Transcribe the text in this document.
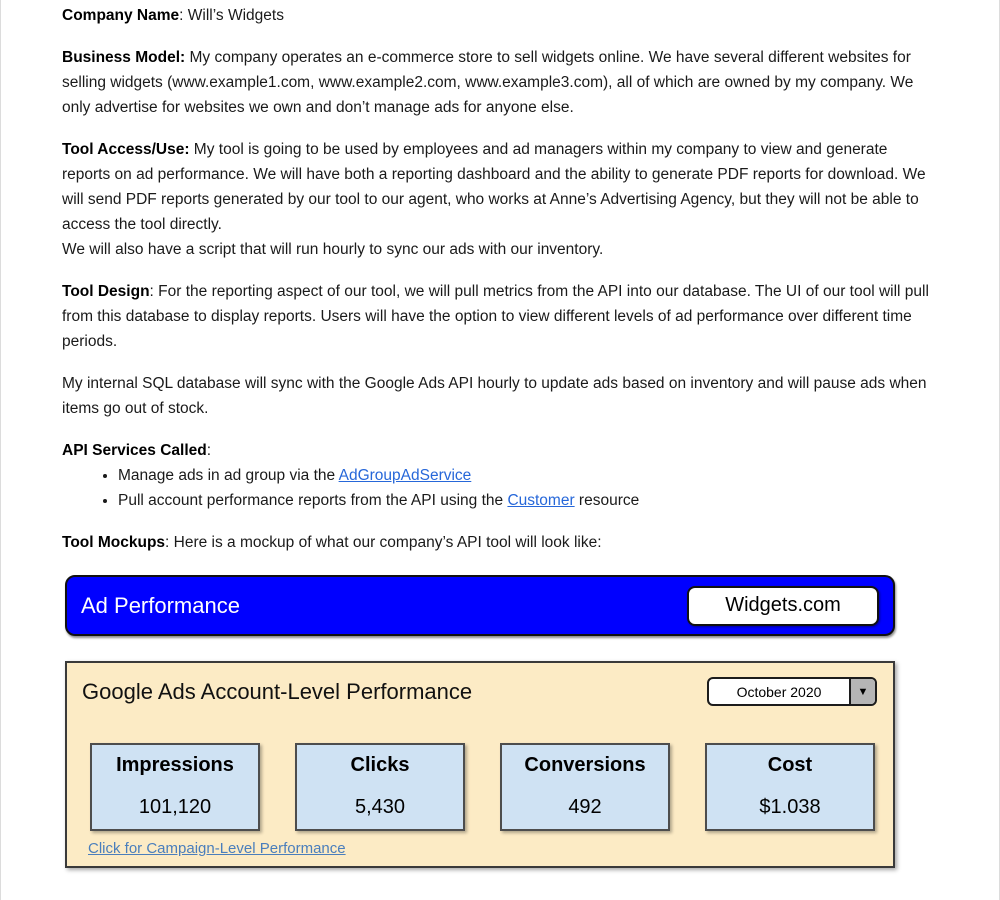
Company Name: Will’s Widgets

Business Model: My company operates an e-commerce store to sell widgets online. We have several different websites for selling widgets (www.example1.com, www.example2.com, www.example3.com), all of which are owned by my company. We only advertise for websites we own and don’t manage ads for anyone else.

Tool Access/Use: My tool is going to be used by employees and ad managers within my company to view and generate reports on ad performance. We will have both a reporting dashboard and the ability to generate PDF reports for download. We will send PDF reports generated by our tool to our agent, who works at Anne’s Advertising Agency, but they will not be able to access the tool directly.
We will also have a script that will run hourly to sync our ads with our inventory.

Tool Design: For the reporting aspect of our tool, we will pull metrics from the API into our database. The UI of our tool will pull from this database to display reports. Users will have the option to view different levels of ad performance over different time periods.

My internal SQL database will sync with the Google Ads API hourly to update ads based on inventory and will pause ads when items go out of stock.

API Services Called:
• Manage ads in ad group via the AdGroupAdService
• Pull account performance reports from the API using the Customer resource

Tool Mockups: Here is a mockup of what our company’s API tool will look like:

Ad Performance	Widgets.com
Google Ads Account-Level Performance	October 2020	▼
Impressions
101,120
Clicks
5,430
Conversions
492
Cost
$1.038
Click for Campaign-Level Performance
